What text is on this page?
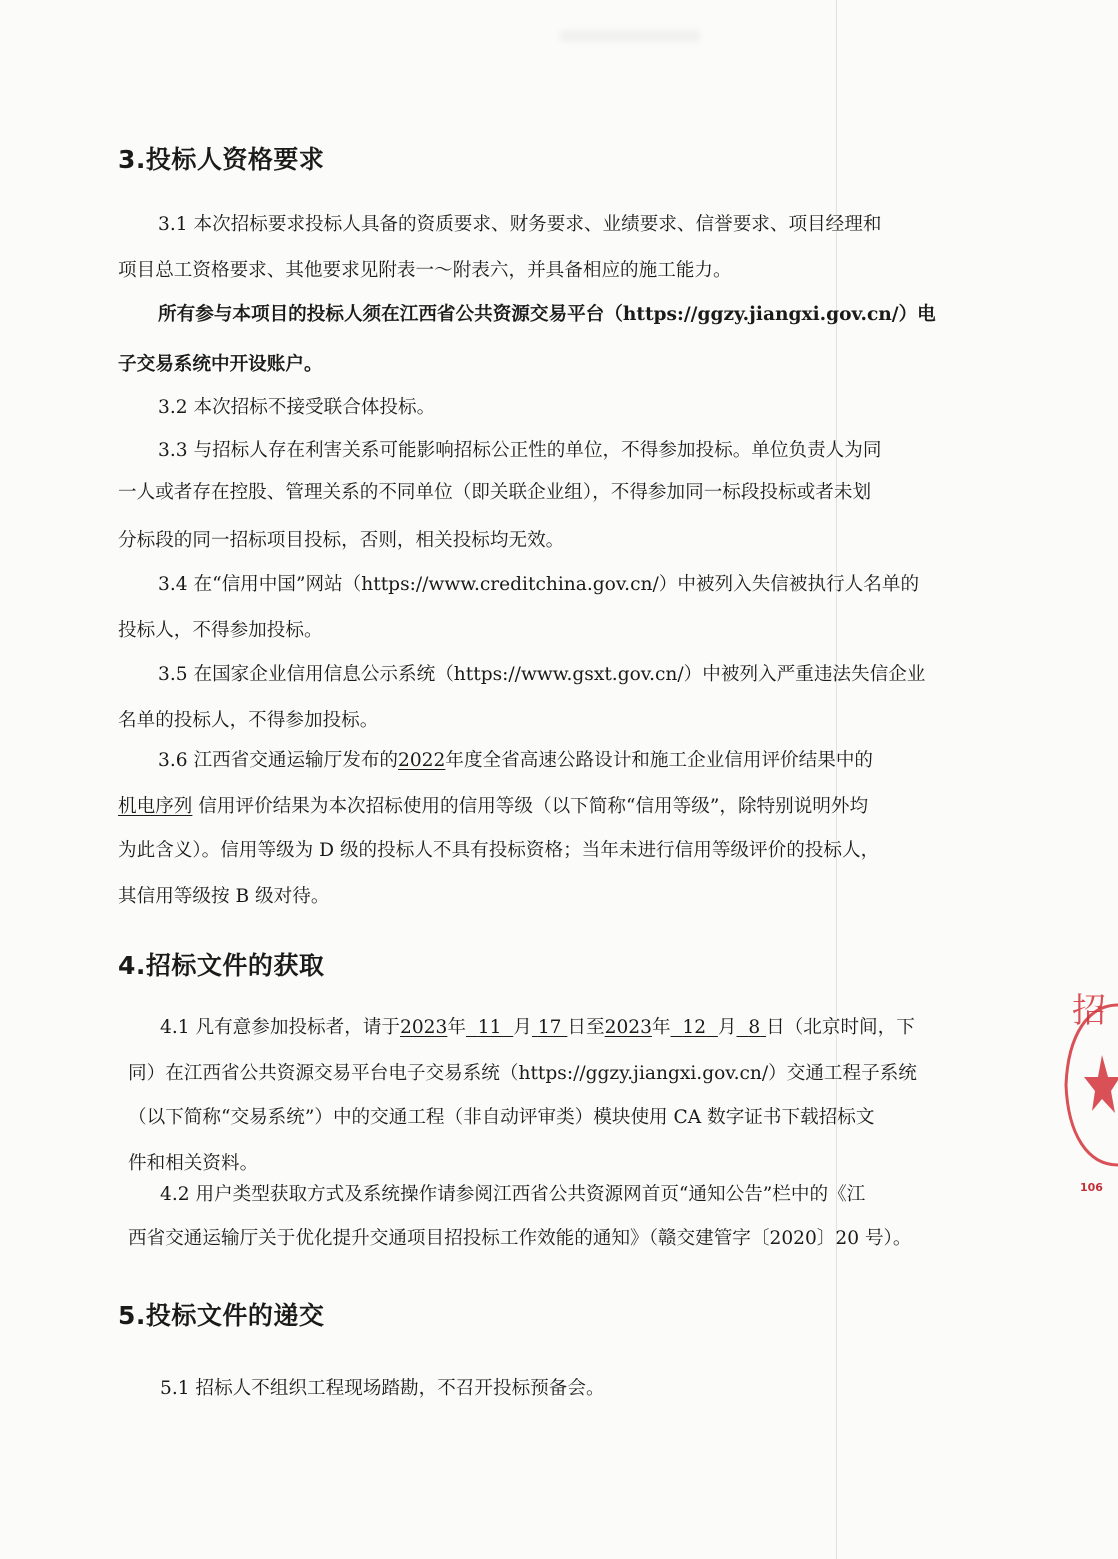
3.投标人资格要求
3.1 本次招标要求投标人具备的资质要求、财务要求、业绩要求、信誉要求、项目经理和
项目总工资格要求、其他要求见附表一～附表六，并具备相应的施工能力。
所有参与本项目的投标人须在江西省公共资源交易平台（https://ggzy.jiangxi.gov.cn/）电
子交易系统中开设账户。
3.2 本次招标不接受联合体投标。
3.3 与招标人存在利害关系可能影响招标公正性的单位，不得参加投标。单位负责人为同
一人或者存在控股、管理关系的不同单位（即关联企业组），不得参加同一标段投标或者未划
分标段的同一招标项目投标，否则，相关投标均无效。
3.4 在“信用中国”网站（https://www.creditchina.gov.cn/）中被列入失信被执行人名单的
投标人，不得参加投标。
3.5 在国家企业信用信息公示系统（https://www.gsxt.gov.cn/）中被列入严重违法失信企业
名单的投标人，不得参加投标。
3.6 江西省交通运输厅发布的2022年度全省高速公路设计和施工企业信用评价结果中的
机电序列 信用评价结果为本次招标使用的信用等级（以下简称“信用等级”，除特别说明外均
为此含义）。信用等级为 D 级的投标人不具有投标资格；当年未进行信用等级评价的投标人，
其信用等级按 B 级对待。
4.招标文件的获取
4.1 凡有意参加投标者，请于2023年 11 月 17 日至2023年 12 月 8 日（北京时间，下
同）在江西省公共资源交易平台电子交易系统（https://ggzy.jiangxi.gov.cn/）交通工程子系统
（以下简称“交易系统”）中的交通工程（非自动评审类）模块使用 CA 数字证书下载招标文
件和相关资料。
4.2 用户类型获取方式及系统操作请参阅江西省公共资源网首页“通知公告”栏中的《江
西省交通运输厅关于优化提升交通项目招投标工作效能的通知》（赣交建管字〔2020〕20 号）。
5.投标文件的递交
5.1 招标人不组织工程现场踏勘，不召开投标预备会。
招
106
